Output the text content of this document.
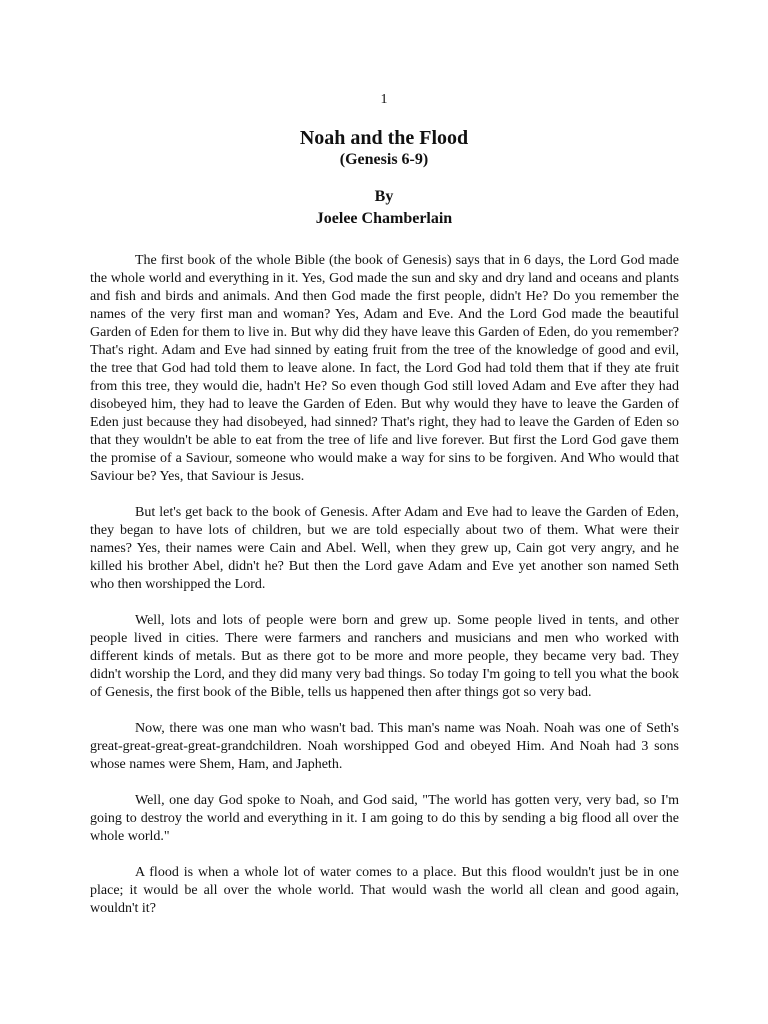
1
Noah and the Flood
(Genesis 6-9)
By
Joelee Chamberlain

The first book of the whole Bible (the book of Genesis) says that in 6 days, the Lord God made the whole world and everything in it. Yes, God made the sun and sky and dry land and oceans and plants and fish and birds and animals. And then God made the first people, didn't He? Do you remember the names of the very first man and woman? Yes, Adam and Eve. And the Lord God made the beautiful Garden of Eden for them to live in. But why did they have leave this Garden of Eden, do you remember? That's right. Adam and Eve had sinned by eating fruit from the tree of the knowledge of good and evil, the tree that God had told them to leave alone. In fact, the Lord God had told them that if they ate fruit from this tree, they would die, hadn't He? So even though God still loved Adam and Eve after they had disobeyed him, they had to leave the Garden of Eden. But why would they have to leave the Garden of Eden just because they had disobeyed, had sinned? That's right, they had to leave the Garden of Eden so that they wouldn't be able to eat from the tree of life and live forever. But first the Lord God gave them the promise of a Saviour, someone who would make a way for sins to be forgiven. And Who would that Saviour be? Yes, that Saviour is Jesus.

But let's get back to the book of Genesis. After Adam and Eve had to leave the Garden of Eden, they began to have lots of children, but we are told especially about two of them. What were their names? Yes, their names were Cain and Abel. Well, when they grew up, Cain got very angry, and he killed his brother Abel, didn't he? But then the Lord gave Adam and Eve yet another son named Seth who then worshipped the Lord.

Well, lots and lots of people were born and grew up. Some people lived in tents, and other people lived in cities. There were farmers and ranchers and musicians and men who worked with different kinds of metals. But as there got to be more and more people, they became very bad. They didn't worship the Lord, and they did many very bad things. So today I'm going to tell you what the book of Genesis, the first book of the Bible, tells us happened then after things got so very bad.

Now, there was one man who wasn't bad. This man's name was Noah. Noah was one of Seth's great-great-great-great-grandchildren. Noah worshipped God and obeyed Him. And Noah had 3 sons whose names were Shem, Ham, and Japheth.

Well, one day God spoke to Noah, and God said, "The world has gotten very, very bad, so I'm going to destroy the world and everything in it. I am going to do this by sending a big flood all over the whole world."

A flood is when a whole lot of water comes to a place. But this flood wouldn't just be in one place; it would be all over the whole world. That would wash the world all clean and good again, wouldn't it?
